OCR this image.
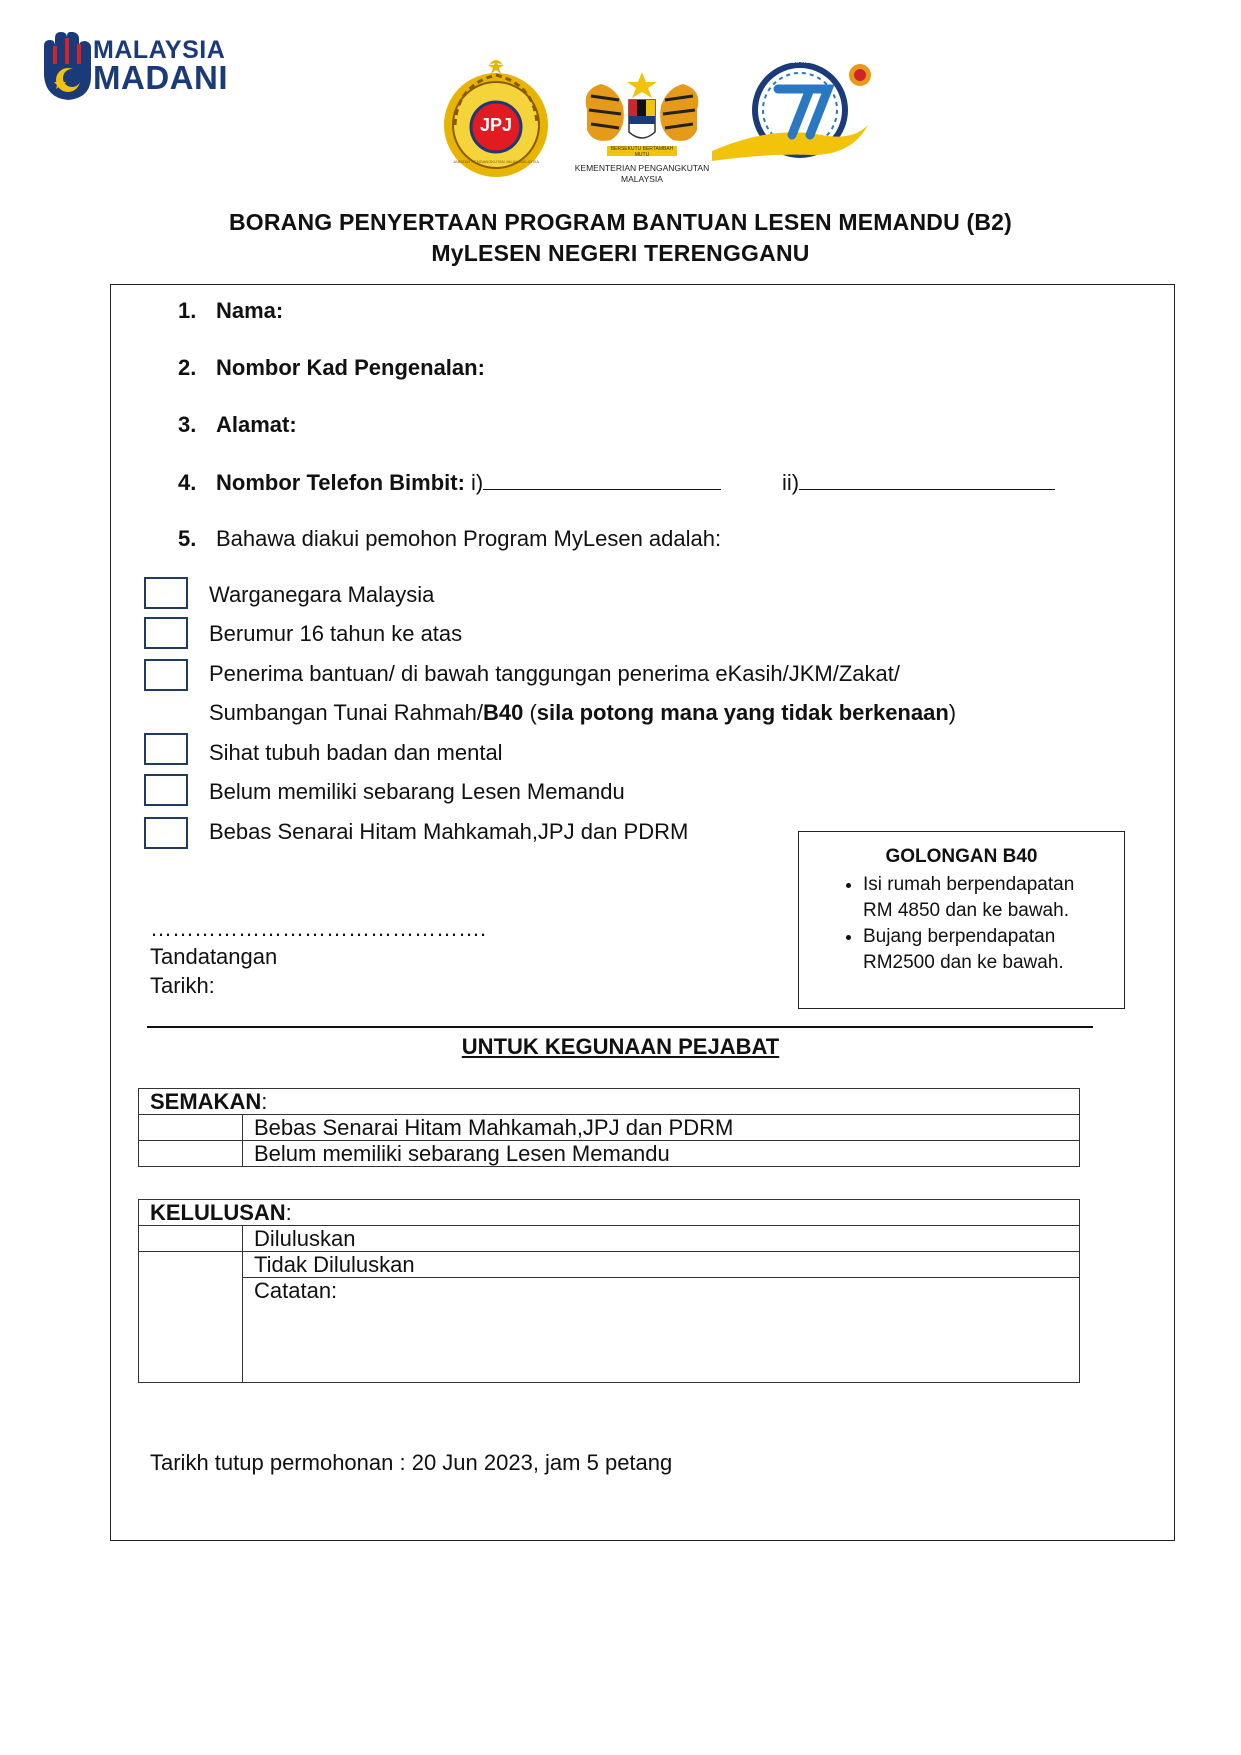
MALAYSIA
MADANI
JPJ
JABATAN PENGANGKUTAN JALAN MALAYSIA
BERSEKUTU BERTAMBAH MUTU
KEMENTERIAN PENGANGKUTAN
MALAYSIA
SAMBUTAN ULANG TAHUN JPJ
BORANG PENYERTAAN PROGRAM BANTUAN LESEN MEMANDU (B2)
MyLESEN NEGERI TERENGGANU
1. Nama:
2. Nombor Kad Pengenalan:
3. Alamat:
4. Nombor Telefon Bimbit: i)	ii)
5. Bahawa diakui pemohon Program MyLesen adalah:
Warganegara Malaysia
Berumur 16 tahun ke atas
Penerima bantuan/ di bawah tanggungan penerima eKasih/JKM/Zakat/
Sumbangan Tunai Rahmah/B40 (sila potong mana yang tidak berkenaan)
Sihat tubuh badan dan mental
Belum memiliki sebarang Lesen Memandu
Bebas Senarai Hitam Mahkamah,JPJ dan PDRM
GOLONGAN B40
• Isi rumah berpendapatan RM 4850 dan ke bawah.
• Bujang berpendapatan RM2500 dan ke bawah.
……………………………………….
Tandatangan
Tarikh:
UNTUK KEGUNAAN PEJABAT
SEMAKAN:	
	Bebas Senarai Hitam Mahkamah,JPJ dan PDRM
	Belum memiliki sebarang Lesen Memandu
KELULUSAN:	
	Diluluskan
	Tidak Diluluskan
	Catatan:
Tarikh tutup permohonan : 20 Jun 2023, jam 5 petang
